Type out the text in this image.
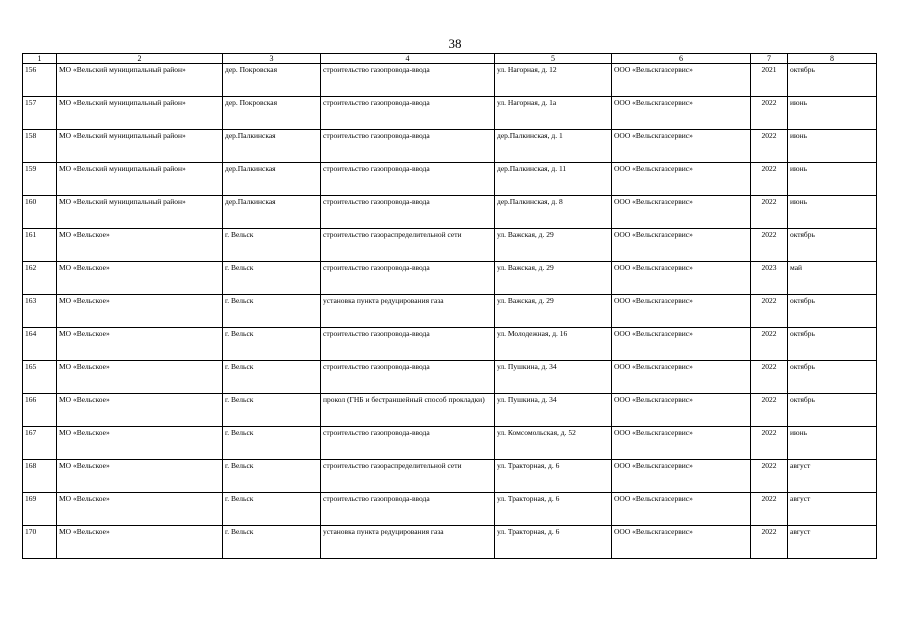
38
1	2	3	4	5	6	7	8
156	МО «Вельский муниципальный район»	дер. Покровская	строительство газопровода-ввода	ул. Нагорная, д. 12	ООО «Вельскгазсервис»	2021	октябрь
157	МО «Вельский муниципальный район»	дер. Покровская	строительство газопровода-ввода	ул. Нагорная, д. 1а	ООО «Вельскгазсервис»	2022	июнь
158	МО «Вельский муниципальный район»	дер.Палкинская	строительство газопровода-ввода	дер.Палкинская, д. 1	ООО «Вельскгазсервис»	2022	июнь
159	МО «Вельский муниципальный район»	дер.Палкинская	строительство газопровода-ввода	дер.Палкинская, д. 11	ООО «Вельскгазсервис»	2022	июнь
160	МО «Вельский муниципальный район»	дер.Палкинская	строительство газопровода-ввода	дер.Палкинская, д. 8	ООО «Вельскгазсервис»	2022	июнь
161	МО «Вельское»	г. Вельск	строительство газораспределительной сети	ул. Важская, д. 29	ООО «Вельскгазсервис»	2022	октябрь
162	МО «Вельское»	г. Вельск	строительство газопровода-ввода	ул. Важская, д. 29	ООО «Вельскгазсервис»	2023	май
163	МО «Вельское»	г. Вельск	установка пункта редуцирования газа	ул. Важская, д. 29	ООО «Вельскгазсервис»	2022	октябрь
164	МО «Вельское»	г. Вельск	строительство газопровода-ввода	ул. Молодежная, д. 16	ООО «Вельскгазсервис»	2022	октябрь
165	МО «Вельское»	г. Вельск	строительство газопровода-ввода	ул. Пушкина, д. 34	ООО «Вельскгазсервис»	2022	октябрь
166	МО «Вельское»	г. Вельск	прокол (ГНБ и бестраншейный способ прокладки)	ул. Пушкина, д. 34	ООО «Вельскгазсервис»	2022	октябрь
167	МО «Вельское»	г. Вельск	строительство газопровода-ввода	ул. Комсомольская, д. 52	ООО «Вельскгазсервис»	2022	июнь
168	МО «Вельское»	г. Вельск	строительство газораспределительной сети	ул. Тракторная, д. 6	ООО «Вельскгазсервис»	2022	август
169	МО «Вельское»	г. Вельск	строительство газопровода-ввода	ул. Тракторная, д. 6	ООО «Вельскгазсервис»	2022	август
170	МО «Вельское»	г. Вельск	установка пункта редуцирования газа	ул. Тракторная, д. 6	ООО «Вельскгазсервис»	2022	август
